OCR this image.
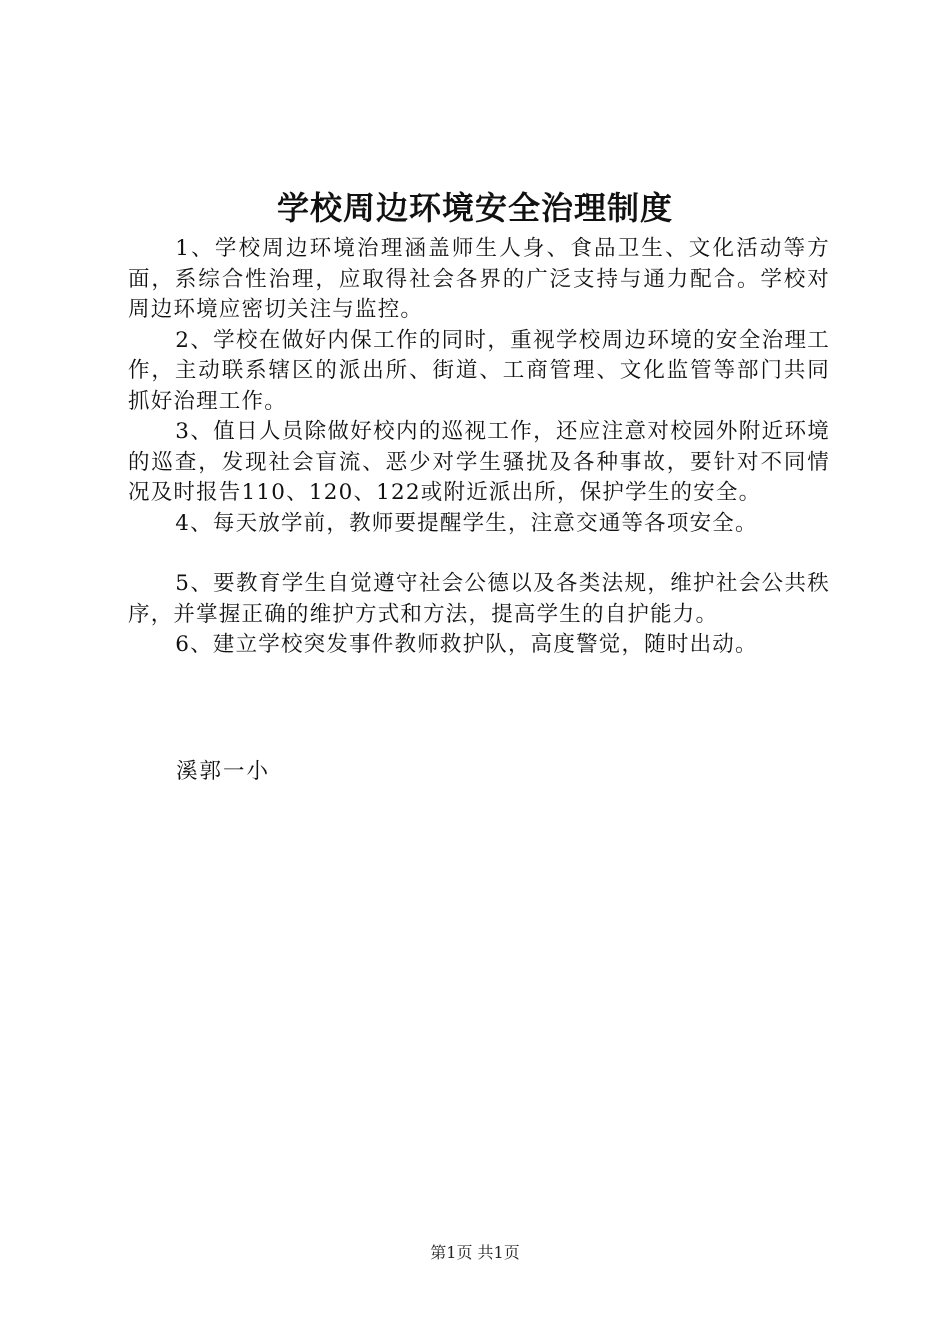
学校周边环境安全治理制度

1、学校周边环境治理涵盖师生人身、食品卫生、文化活动等方面，系综合性治理，应取得社会各界的广泛支持与通力配合。学校对周边环境应密切关注与监控。

2、学校在做好内保工作的同时，重视学校周边环境的安全治理工作，主动联系辖区的派出所、街道、工商管理、文化监管等部门共同抓好治理工作。

3、值日人员除做好校内的巡视工作，还应注意对校园外附近环境的巡查，发现社会盲流、恶少对学生骚扰及各种事故，要针对不同情况及时报告110、120、122或附近派出所，保护学生的安全。

4、每天放学前，教师要提醒学生，注意交通等各项安全。

5、要教育学生自觉遵守社会公德以及各类法规，维护社会公共秩序，并掌握正确的维护方式和方法，提高学生的自护能力。

6、建立学校突发事件教师救护队，高度警觉，随时出动。

溪郭一小

第1页 共1页
